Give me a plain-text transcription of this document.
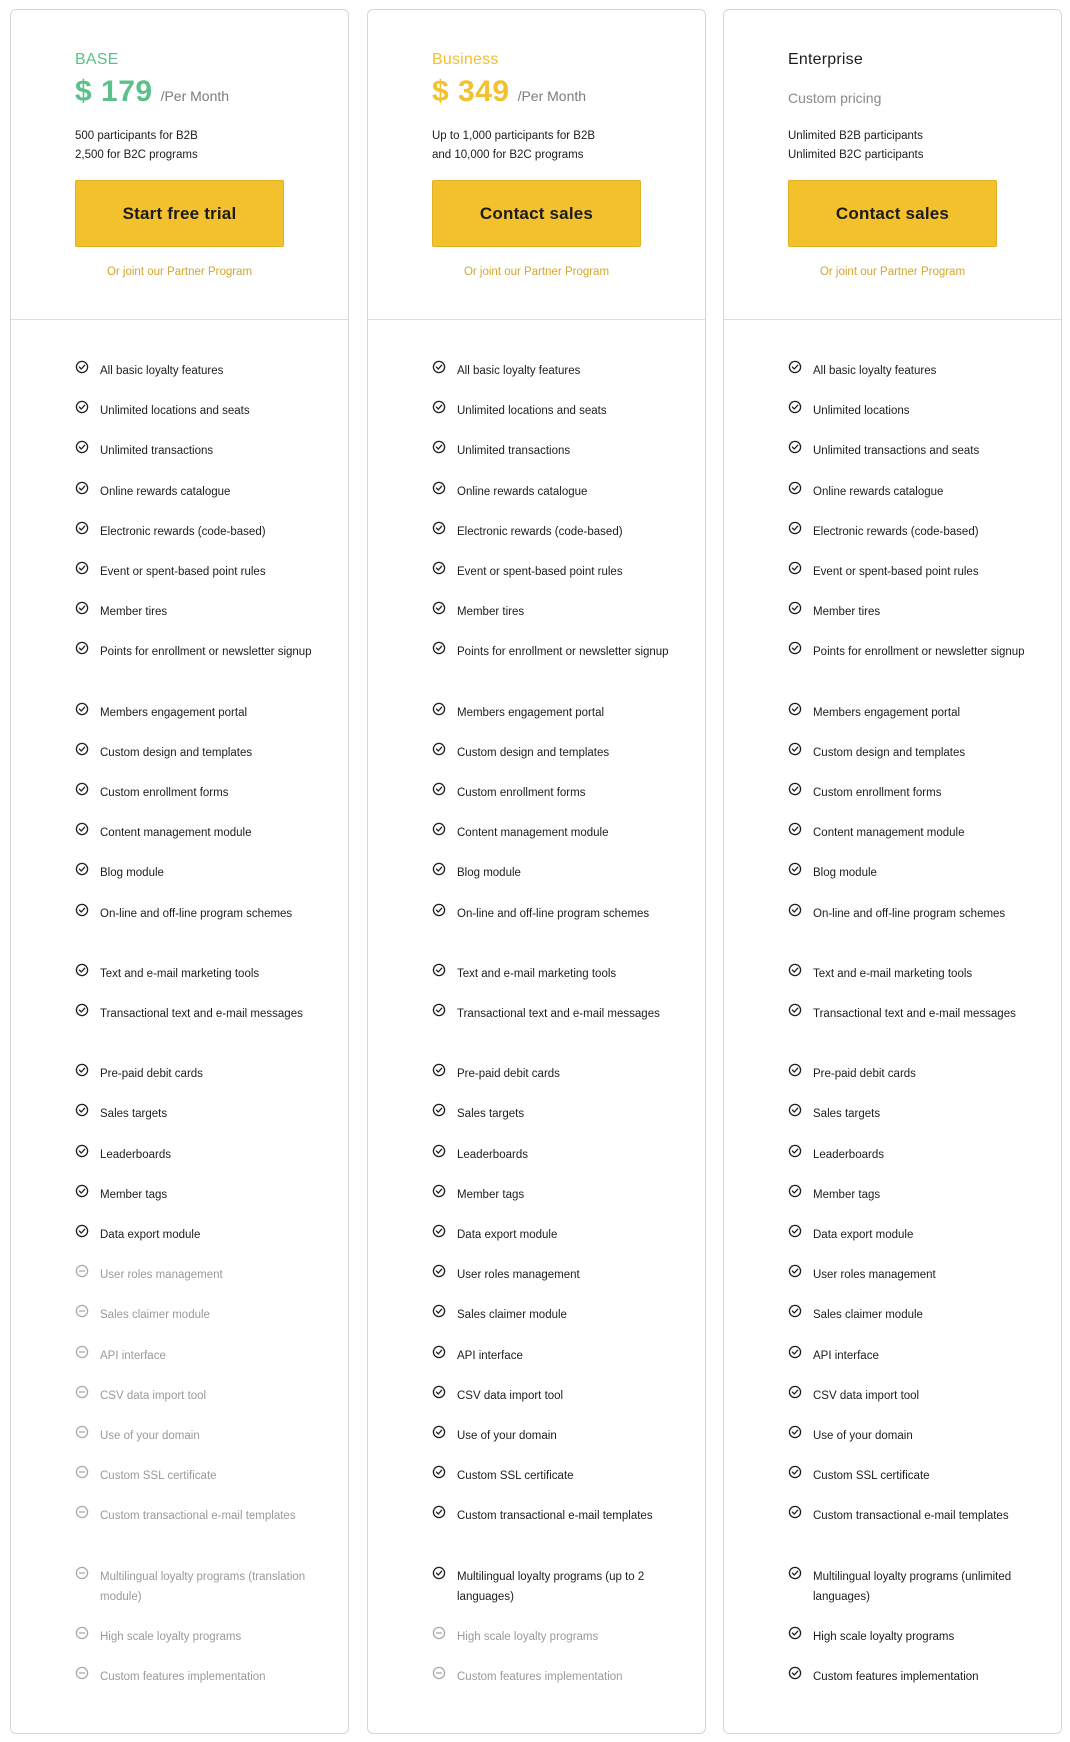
BASE
$ 179 /Per Month
500 participants for B2B
2,500 for B2C programs
Start free trial
Or joint our Partner Program
All basic loyalty features
Unlimited locations and seats
Unlimited transactions
Online rewards catalogue
Electronic rewards (code-based)
Event or spent-based point rules
Member tires
Points for enrollment or newsletter signup
Members engagement portal
Custom design and templates
Custom enrollment forms
Content management module
Blog module
On-line and off-line program schemes
Text and e-mail marketing tools
Transactional text and e-mail messages
Pre-paid debit cards
Sales targets
Leaderboards
Member tags
Data export module
User roles management
Sales claimer module
API interface
CSV data import tool
Use of your domain
Custom SSL certificate
Custom transactional e-mail templates
Multilingual loyalty programs (translation module)
High scale loyalty programs
Custom features implementation
Business
$ 349 /Per Month
Up to 1,000 participants for B2B
and 10,000 for B2C programs
Contact sales
Or joint our Partner Program
All basic loyalty features
Unlimited locations and seats
Unlimited transactions
Online rewards catalogue
Electronic rewards (code-based)
Event or spent-based point rules
Member tires
Points for enrollment or newsletter signup
Members engagement portal
Custom design and templates
Custom enrollment forms
Content management module
Blog module
On-line and off-line program schemes
Text and e-mail marketing tools
Transactional text and e-mail messages
Pre-paid debit cards
Sales targets
Leaderboards
Member tags
Data export module
User roles management
Sales claimer module
API interface
CSV data import tool
Use of your domain
Custom SSL certificate
Custom transactional e-mail templates
Multilingual loyalty programs (up to 2 languages)
High scale loyalty programs
Custom features implementation
Enterprise
Custom pricing
Unlimited B2B participants
Unlimited B2C participants
Contact sales
Or joint our Partner Program
All basic loyalty features
Unlimited locations
Unlimited transactions and seats
Online rewards catalogue
Electronic rewards (code-based)
Event or spent-based point rules
Member tires
Points for enrollment or newsletter signup
Members engagement portal
Custom design and templates
Custom enrollment forms
Content management module
Blog module
On-line and off-line program schemes
Text and e-mail marketing tools
Transactional text and e-mail messages
Pre-paid debit cards
Sales targets
Leaderboards
Member tags
Data export module
User roles management
Sales claimer module
API interface
CSV data import tool
Use of your domain
Custom SSL certificate
Custom transactional e-mail templates
Multilingual loyalty programs (unlimited languages)
High scale loyalty programs
Custom features implementation
